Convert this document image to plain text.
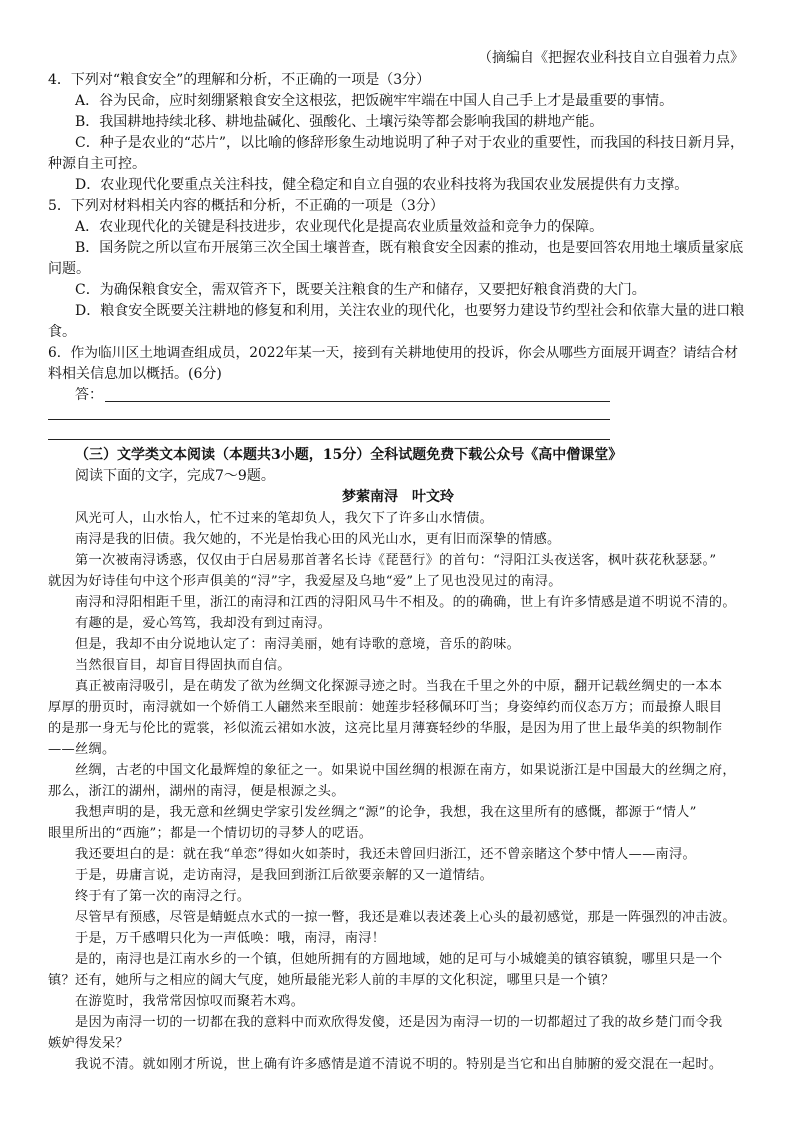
（摘编自《把握农业科技自立自强着力点》
4．下列对“粮食安全”的理解和分析，不正确的一项是（3分）
A．谷为民命，应时刻绷紧粮食安全这根弦，把饭碗牢牢端在中国人自己手上才是最重要的事情。
B．我国耕地持续北移、耕地盐碱化、强酸化、土壤污染等都会影响我国的耕地产能。
C．种子是农业的“芯片”，以比喻的修辞形象生动地说明了种子对于农业的重要性，而我国的科技日新月异，
种源自主可控。
D．农业现代化要重点关注科技，健全稳定和自立自强的农业科技将为我国农业发展提供有力支撑。
5．下列对材料相关内容的概括和分析，不正确的一项是（3分）
A．农业现代化的关键是科技进步，农业现代化是提高农业质量效益和竞争力的保障。
B．国务院之所以宣布开展第三次全国土壤普查，既有粮食安全因素的推动，也是要回答农用地土壤质量家底
问题。
C．为确保粮食安全，需双管齐下，既要关注粮食的生产和储存，又要把好粮食消费的大门。
D．粮食安全既要关注耕地的修复和利用，关注农业的现代化，也要努力建设节约型社会和依靠大量的进口粮
食。
6．作为临川区土地调查组成员，2022年某一天，接到有关耕地使用的投诉，你会从哪些方面展开调查？请结合材
料相关信息加以概括。(6分)
答：
（三）文学类文本阅读（本题共3小题，15分）全科试题免费下载公众号《高中僧课堂》
阅读下面的文字，完成7～9题。
梦萦南浔　叶文玲
风光可人，山水怡人，忙不过来的笔却负人，我欠下了许多山水情债。
南浔是我的旧债。我欠她的，不光是怡我心田的风光山水，更有旧而深挚的情感。
第一次被南浔诱惑，仅仅由于白居易那首著名长诗《琵琶行》的首句：“浔阳江头夜送客，枫叶荻花秋瑟瑟。”
就因为好诗佳句中这个形声俱美的“浔”字，我爱屋及乌地“爱”上了见也没见过的南浔。
南浔和浔阳相距千里，浙江的南浔和江西的浔阳风马牛不相及。的的确确，世上有许多情感是道不明说不清的。
有趣的是，爱心笃笃，我却没有到过南浔。
但是，我却不由分说地认定了：南浔美丽，她有诗歌的意境，音乐的韵味。
当然很盲目，却盲目得固执而自信。
真正被南浔吸引，是在萌发了欲为丝绸文化探源寻迹之时。当我在千里之外的中原，翻开记载丝绸史的一本本
厚厚的册页时，南浔就如一个娇俏工人翩然来至眼前：她莲步轻移佩环叮当；身姿绰约而仪态万方；而最撩人眼目
的是那一身无与伦比的霓裳，衫似流云裙如水波，这亮比星月薄赛轻纱的华服，是因为用了世上最华美的织物制作
——丝绸。
丝绸，古老的中国文化最辉煌的象征之一。如果说中国丝绸的根源在南方，如果说浙江是中国最大的丝绸之府，
那么，浙江的湖州，湖州的南浔，便是根源之头。
我想声明的是，我无意和丝绸史学家引发丝绸之“源”的论争，我想，我在这里所有的感慨，都源于“情人”
眼里所出的“西施”；都是一个情切切的寻梦人的呓语。
我还要坦白的是：就在我“单恋”得如火如荼时，我还未曾回归浙江，还不曾亲睹这个梦中情人——南浔。
于是，毋庸言说，走访南浔，是我回到浙江后欲要亲解的又一道情结。
终于有了第一次的南浔之行。
尽管早有预感，尽管是蜻蜓点水式的一掠一瞥，我还是难以表述袭上心头的最初感觉，那是一阵强烈的冲击波。
于是，万千感喟只化为一声低唤：哦，南浔，南浔！
是的，南浔也是江南水乡的一个镇，但她所拥有的方圆地域，她的足可与小城媲美的镇容镇貌，哪里只是一个
镇？还有，她所与之相应的阔大气度，她所最能光彩人前的丰厚的文化积淀，哪里只是一个镇？
在游览时，我常常因惊叹而聚若木鸡。
是因为南浔一切的一切都在我的意料中而欢欣得发傻，还是因为南浔一切的一切都超过了我的故乡楚门而令我
嫉妒得发呆？
我说不清。就如刚才所说，世上确有许多感情是道不清说不明的。特别是当它和出自肺腑的爱交混在一起时。
